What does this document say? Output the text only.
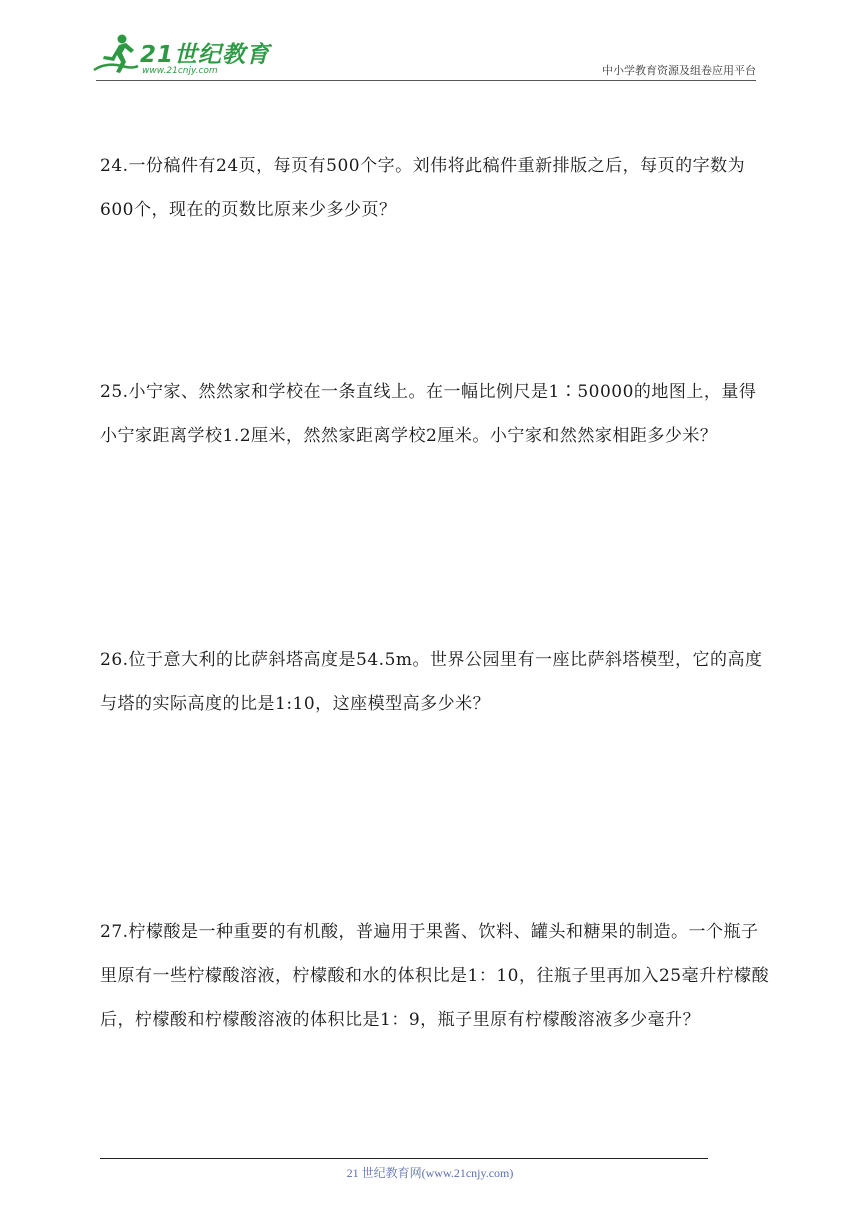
21世纪教育
www.21cnjy.com	中小学教育资源及组卷应用平台
24.一份稿件有24页，每页有500个字。刘伟将此稿件重新排版之后，每页的字数为600个，现在的页数比原来少多少页？
25.小宁家、然然家和学校在一条直线上。在一幅比例尺是1∶50000的地图上，量得小宁家距离学校1.2厘米，然然家距离学校2厘米。小宁家和然然家相距多少米？
26.位于意大利的比萨斜塔高度是54.5m。世界公园里有一座比萨斜塔模型，它的高度与塔的实际高度的比是1:10，这座模型高多少米？
27.柠檬酸是一种重要的有机酸，普遍用于果酱、饮料、罐头和糖果的制造。一个瓶子里原有一些柠檬酸溶液，柠檬酸和水的体积比是1：10，往瓶子里再加入25毫升柠檬酸后，柠檬酸和柠檬酸溶液的体积比是1：9，瓶子里原有柠檬酸溶液多少毫升？
21 世纪教育网(www.21cnjy.com)
